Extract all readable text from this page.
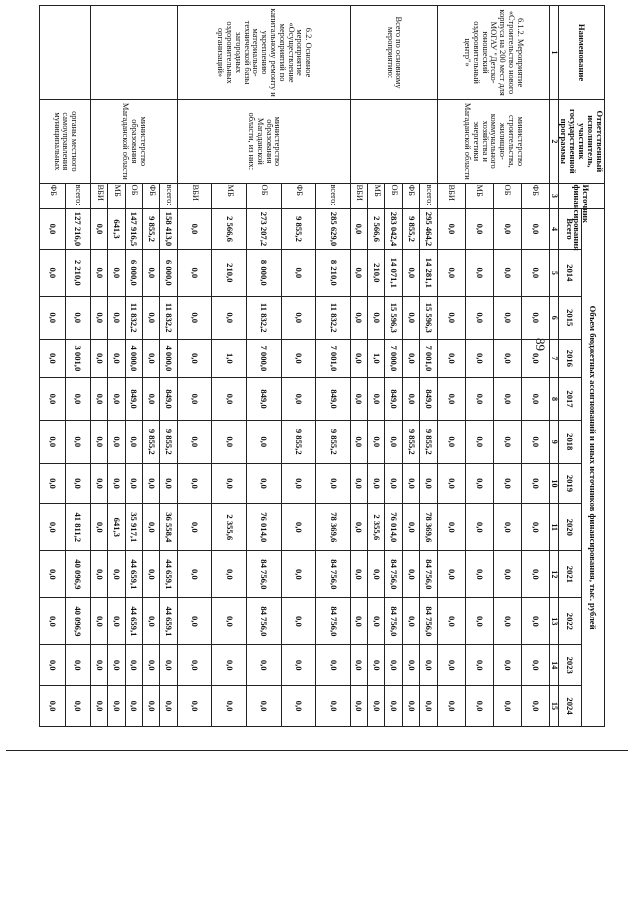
89
Наименование	Ответственный исполнитель, участник государственной программы	Источник финансирования	Объем бюджетных ассигнований и иных источников финансирования, тыс. рублей											
			Всего	2014	2015	2016	2017	2018	2019	2020	2021	2022	2023	2024
1	2	3	4	5	6	7	8	9	10	11	12	13	14	15
6.1.2. Мероприятие «Строительство нового корпуса на 200 мест для МОГАУ "Детско-юношеский оздоровительный центр"»	министерство строительства, жилищно-коммунального хозяйства и энергетики Магаданской области	ФБ	0,0	0,0	0,0	0,0	0,0	0,0	0,0	0,0	0,0	0,0	0,0	0,0
		ОБ	0,0	0,0	0,0	0,0	0,0	0,0	0,0	0,0	0,0	0,0	0,0	0,0
		МБ	0,0	0,0	0,0	0,0	0,0	0,0	0,0	0,0	0,0	0,0	0,0	0,0
		ВБИ	0,0	0,0	0,0	0,0	0,0	0,0	0,0	0,0	0,0	0,0	0,0	0,0
Всего по основному мероприятию:		всего:	295 464,2	14 281,1	15 596,3	7 001,0	849,0	9 855,2	0,0	78 369,6	84 756,0	84 756,0	0,0	0,0
		ФБ	9 855,2	0,0	0,0	0,0	0,0	9 855,2	0,0	0,0	0,0	0,0	0,0	0,0
		ОБ	283 042,4	14 071,1	15 596,3	7 000,0	849,0	0,0	0,0	76 014,0	84 756,0	84 756,0	0,0	0,0
		МБ	2 566,6	210,0	0,0	1,0	0,0	0,0	0,0	2 355,6	0,0	0,0	0,0	0,0
		ВБИ	0,0	0,0	0,0	0,0	0,0	0,0	0,0	0,0	0,0	0,0	0,0	0,0
6.2. Основное мероприятие «Осуществление мероприятий по капитальному ремонту и укреплению материально-технической базы загородных оздоровительных организаций»	министерство образования Магаданской области, из них:	всего:	285 629,0	8 210,0	11 832,2	7 001,0	849,0	9 855,2	0,0	78 369,6	84 756,0	84 756,0	0,0	0,0
		ФБ	9 855,2	0,0	0,0	0,0	0,0	9 855,2	0,0	0,0	0,0	0,0	0,0	0,0
		ОБ	273 207,2	8 000,0	11 832,2	7 000,0	849,0	0,0	0,0	76 014,0	84 756,0	84 756,0	0,0	0,0
		МБ	2 566,6	210,0	0,0	1,0	0,0	0,0	0,0	2 355,6	0,0	0,0	0,0	0,0
		ВБИ	0,0	0,0	0,0	0,0	0,0	0,0	0,0	0,0	0,0	0,0	0,0	0,0
	министерство образования Магаданской области	всего:	158 413,0	6 000,0	11 832,2	4 000,0	849,0	9 855,2	0,0	36 558,4	44 659,1	44 659,1	0,0	0,0
		ФБ	9 855,2	0,0	0,0	0,0	0,0	9 855,2	0,0	0,0	0,0	0,0	0,0	0,0
		ОБ	147 916,5	6 000,0	11 832,2	4 000,0	849,0	0,0	0,0	35 917,1	44 659,1	44 659,1	0,0	0,0
		МБ	641,3	0,0	0,0	0,0	0,0	0,0	0,0	641,3	0,0	0,0	0,0	0,0
		ВБИ	0,0	0,0	0,0	0,0	0,0	0,0	0,0	0,0	0,0	0,0	0,0	0,0
	органы местного самоуправления муниципальных	всего:	127 216,0	2 210,0	0,0	3 001,0	0,0	0,0	0,0	41 811,2	40 096,9	40 096,9	0,0	0,0
		ФБ	0,0	0,0	0,0	0,0	0,0	0,0	0,0	0,0	0,0	0,0	0,0	0,0
